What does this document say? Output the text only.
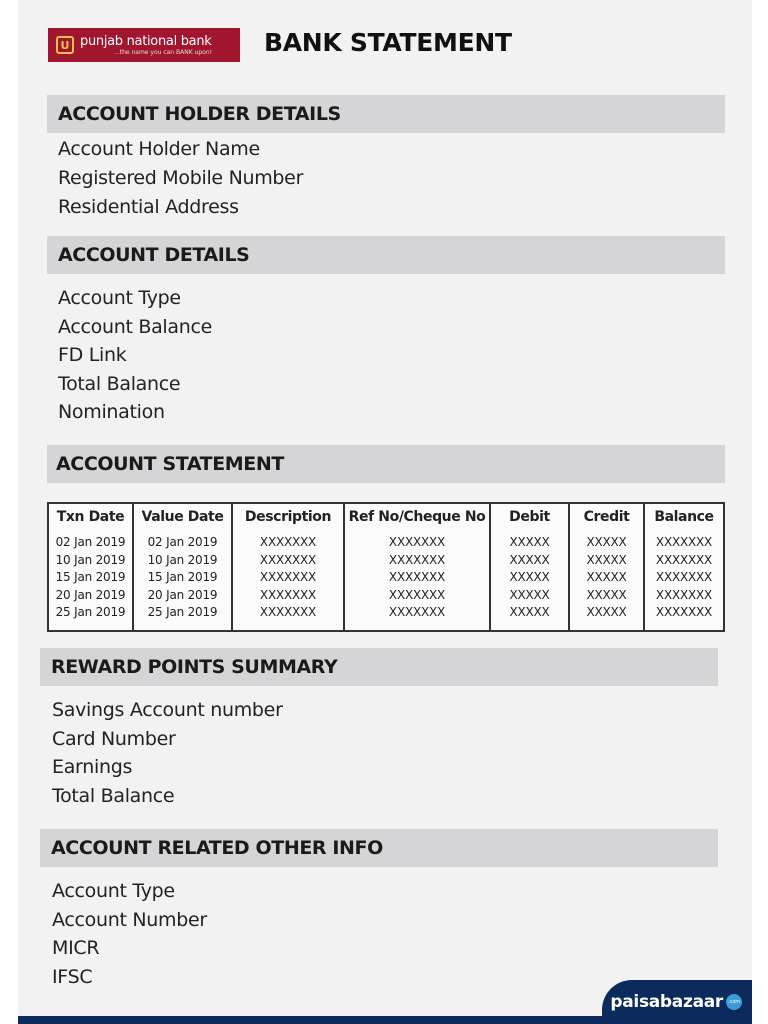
U punjab national bank
...the name you can BANK upon! BANK STATEMENT
ACCOUNT HOLDER DETAILS
Account Holder Name
Registered Mobile Number
Residential Address
ACCOUNT DETAILS
Account Type
Account Balance
FD Link
Total Balance
Nomination
ACCOUNT STATEMENT
Txn Date
02 Jan 2019
10 Jan 2019
15 Jan 2019
20 Jan 2019
25 Jan 2019
Value Date
02 Jan 2019
10 Jan 2019
15 Jan 2019
20 Jan 2019
25 Jan 2019
Description
XXXXXXX
XXXXXXX
XXXXXXX
XXXXXXX
XXXXXXX
Ref No/Cheque No
XXXXXXX
XXXXXXX
XXXXXXX
XXXXXXX
XXXXXXX
Debit
XXXXX
XXXXX
XXXXX
XXXXX
XXXXX
Credit
XXXXX
XXXXX
XXXXX
XXXXX
XXXXX
Balance
XXXXXXX
XXXXXXX
XXXXXXX
XXXXXXX
XXXXXXX
REWARD POINTS SUMMARY
Savings Account number
Card Number
Earnings
Total Balance
ACCOUNT RELATED OTHER INFO
Account Type
Account Number
MICR
IFSC
paisabazaar .com
